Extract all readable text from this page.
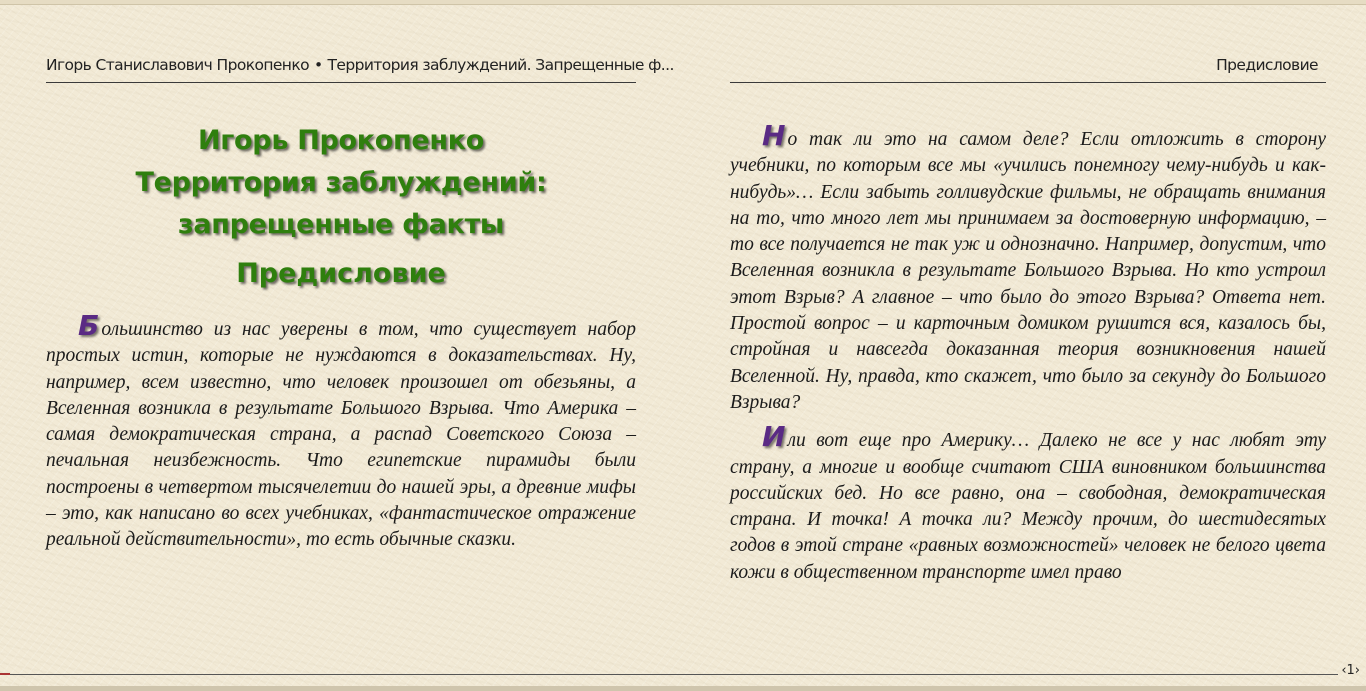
Игорь Станиславович Прокопенко • Территория заблуждений. Запрещенные ф...
Игорь Прокопенко
Территория заблуждений:
запрещенные факты
Предисловие

Б ольшинство из нас уверены в том, что существует набор простых истин, которые не нуждаются в доказательствах. Ну, например, всем известно, что человек произошел от обезьяны, а Вселенная возникла в результате Большого Взрыва. Что Америка – самая демократическая страна, а распад Советского Союза – печальная неизбежность. Что египетские пирамиды были построены в четвертом тысячелетии до нашей эры, а древние мифы – это, как написано во всех учебниках, «фантастическое отражение реальной действительности», то есть обычные сказки.

Предисловие

Н о так ли это на самом деле? Если отложить в сторону учебники, по которым все мы «учились понемногу чему-нибудь и как-нибудь»… Если забыть голливудские фильмы, не обращать внимания на то, что много лет мы принимаем за достоверную информацию, – то все получается не так уж и однозначно. Например, допустим, что Вселенная возникла в результате Большого Взрыва. Но кто устроил этот Взрыв? А главное – что было до этого Взрыва? Ответа нет. Простой вопрос – и карточным домиком рушится вся, казалось бы, стройная и навсегда доказанная теория возникновения нашей Вселенной. Ну, правда, кто скажет, что было за секунду до Большого Взрыва?

И ли вот еще про Америку… Далеко не все у нас любят эту страну, а многие и вообще считают США виновником большинства российских бед. Но все равно, она – свободная, демократическая страна. И точка! А точка ли? Между прочим, до шестидесятых годов в этой стране «равных возможностей» человек не белого цвета кожи в общественном транспорте имел право

‹1›
